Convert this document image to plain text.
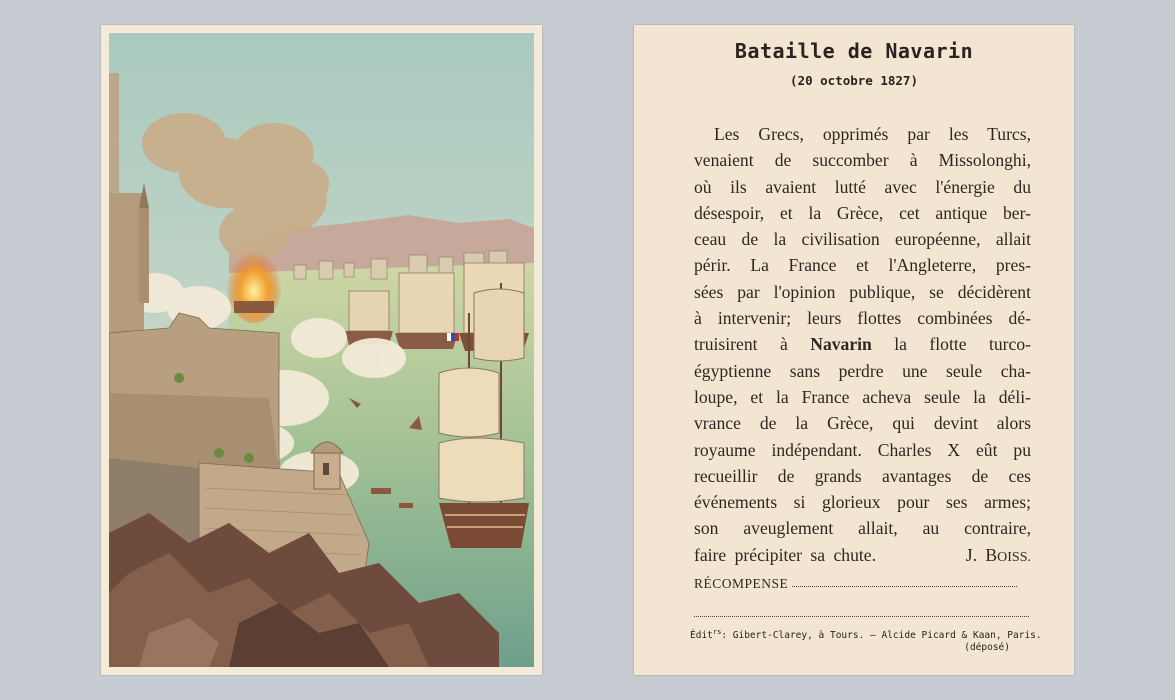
Bataille de Navarin
(20 octobre 1827)
Les Grecs, opprimés par les Turcs,
venaient de succomber à Missolonghi,
où ils avaient lutté avec l'énergie du
désespoir, et la Grèce, cet antique ber-
ceau de la civilisation européenne, allait
périr. La France et l'Angleterre, pres-
sées par l'opinion publique, se décidèrent
à intervenir; leurs flottes combinées dé-
truisirent à Navarin la flotte turco-
égyptienne sans perdre une seule cha-
loupe, et la France acheva seule la déli-
vrance de la Grèce, qui devint alors
royaume indépendant. Charles X eût pu
recueillir de grands avantages de ces
événements si glorieux pour ses armes;
son aveuglement allait, au contraire,
faire précipiter sa chute.	J. BOISS.
RÉCOMPENSE
Édit$^{rs}$: Gibert-Clarey, à Tours. — Alcide Picard & Kaan, Paris.
(déposé)
